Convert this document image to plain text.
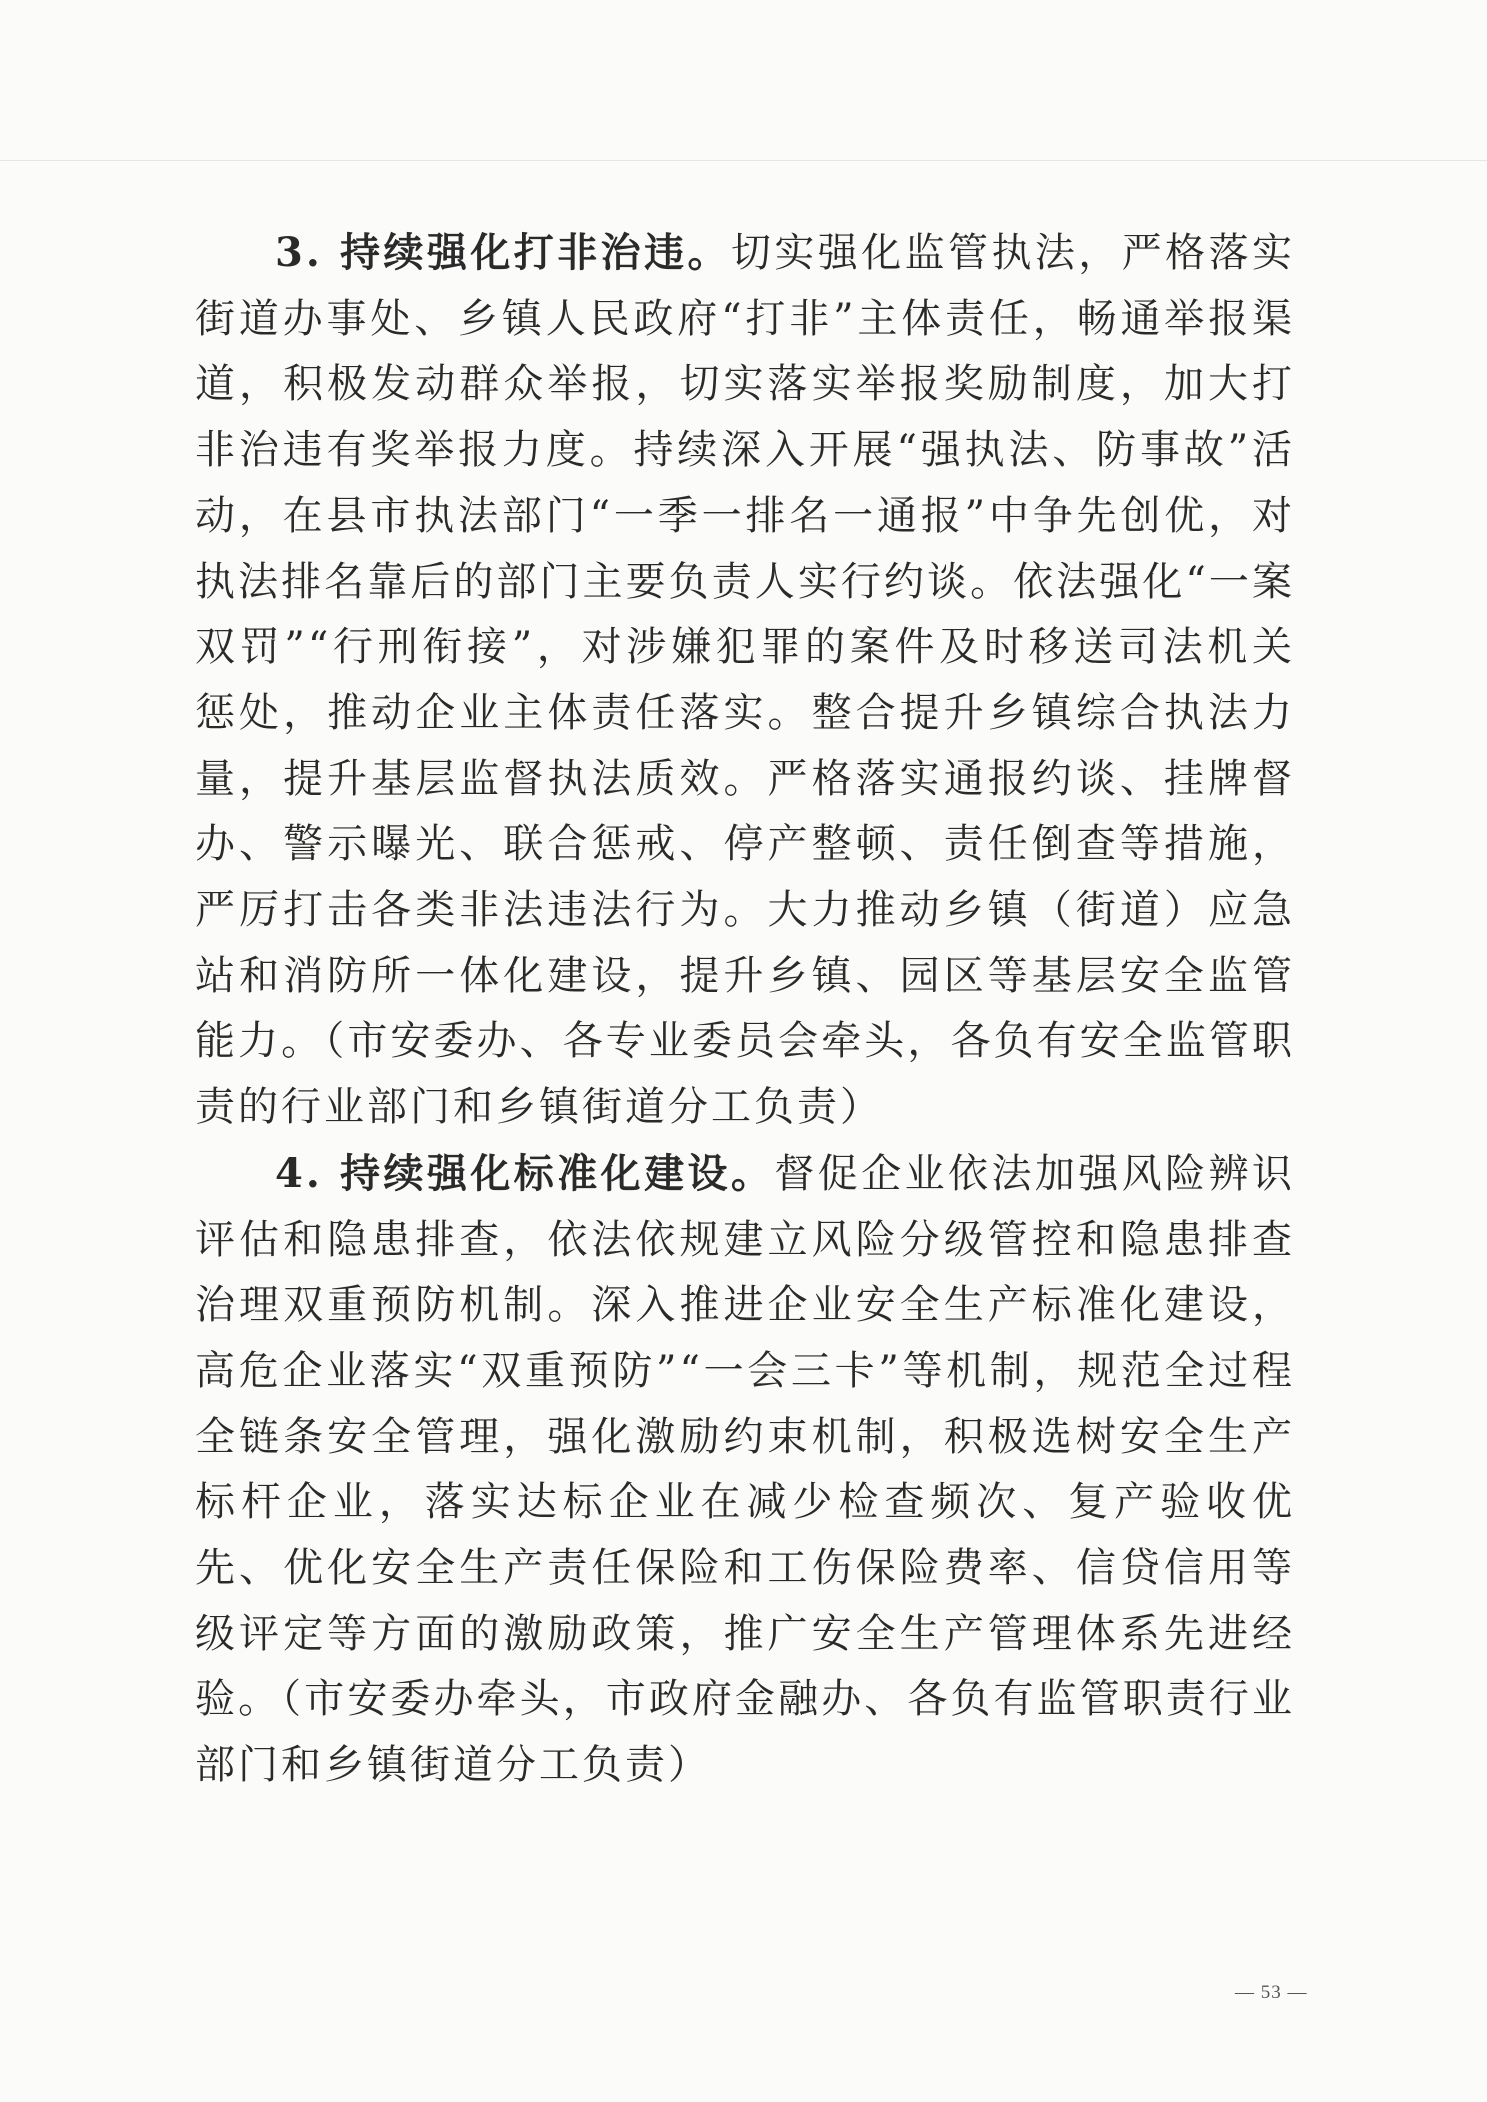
3. 持续强化打非治违。切实强化监管执法，严格落实街道办事处、乡镇人民政府“打非”主体责任，畅通举报渠道，积极发动群众举报，切实落实举报奖励制度，加大打非治违有奖举报力度。持续深入开展“强执法、防事故”活动，在县市执法部门“一季一排名一通报”中争先创优，对执法排名靠后的部门主要负责人实行约谈。依法强化“一案双罚”“行刑衔接”，对涉嫌犯罪的案件及时移送司法机关惩处，推动企业主体责任落实。整合提升乡镇综合执法力量，提升基层监督执法质效。严格落实通报约谈、挂牌督办、警示曝光、联合惩戒、停产整顿、责任倒查等措施，严厉打击各类非法违法行为。大力推动乡镇（街道）应急站和消防所一体化建设，提升乡镇、园区等基层安全监管能力。（市安委办、各专业委员会牵头，各负有安全监管职责的行业部门和乡镇街道分工负责）

4. 持续强化标准化建设。督促企业依法加强风险辨识评估和隐患排查，依法依规建立风险分级管控和隐患排查治理双重预防机制。深入推进企业安全生产标准化建设，高危企业落实“双重预防”“一会三卡”等机制，规范全过程全链条安全管理，强化激励约束机制，积极选树安全生产标杆企业，落实达标企业在减少检查频次、复产验收优先、优化安全生产责任保险和工伤保险费率、信贷信用等级评定等方面的激励政策，推广安全生产管理体系先进经验。（市安委办牵头，市政府金融办、各负有监管职责行业部门和乡镇街道分工负责）

— 53 —
